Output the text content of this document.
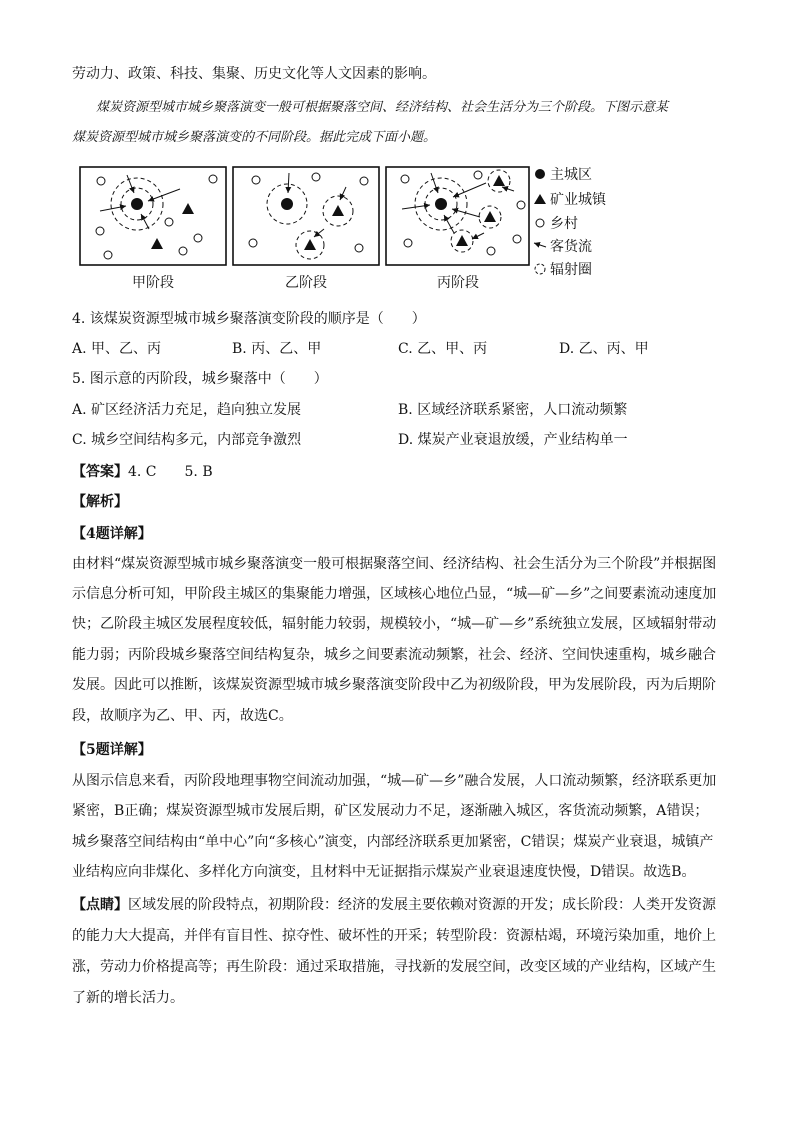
劳动力、政策、科技、集聚、历史文化等人文因素的影响。
煤炭资源型城市城乡聚落演变一般可根据聚落空间、经济结构、社会生活分为三个阶段。下图示意某
煤炭资源型城市城乡聚落演变的不同阶段。据此完成下面小题。
甲阶段	乙阶段	丙阶段
主城区
矿业城镇
乡村
客货流
辐射圈
4. 该煤炭资源型城市城乡聚落演变阶段的顺序是（　　）
A. 甲、乙、丙	B. 丙、乙、甲	C. 乙、甲、丙	D. 乙、丙、甲
5. 图示意的丙阶段，城乡聚落中（　　）
A. 矿区经济活力充足，趋向独立发展	B. 区域经济联系紧密，人口流动频繁
C. 城乡空间结构多元，内部竞争激烈	D. 煤炭产业衰退放缓，产业结构单一
【答案】4. C　　5. B
【解析】
【4题详解】
由材料“煤炭资源型城市城乡聚落演变一般可根据聚落空间、经济结构、社会生活分为三个阶段”并根据图
示信息分析可知，甲阶段主城区的集聚能力增强，区域核心地位凸显，“城—矿—乡”之间要素流动速度加
快；乙阶段主城区发展程度较低，辐射能力较弱，规模较小，“城—矿—乡”系统独立发展，区域辐射带动
能力弱；丙阶段城乡聚落空间结构复杂，城乡之间要素流动频繁，社会、经济、空间快速重构，城乡融合
发展。因此可以推断，该煤炭资源型城市城乡聚落演变阶段中乙为初级阶段，甲为发展阶段，丙为后期阶
段，故顺序为乙、甲、丙，故选C。
【5题详解】
从图示信息来看，丙阶段地理事物空间流动加强，“城—矿—乡”融合发展，人口流动频繁，经济联系更加
紧密，B正确；煤炭资源型城市发展后期，矿区发展动力不足，逐渐融入城区，客货流动频繁，A错误；
城乡聚落空间结构由“单中心”向“多核心”演变，内部经济联系更加紧密，C错误；煤炭产业衰退，城镇产
业结构应向非煤化、多样化方向演变，且材料中无证据指示煤炭产业衰退速度快慢，D错误。故选B。
【点睛】区域发展的阶段特点，初期阶段：经济的发展主要依赖对资源的开发；成长阶段：人类开发资源
的能力大大提高，并伴有盲目性、掠夺性、破坏性的开采；转型阶段：资源枯竭，环境污染加重，地价上
涨，劳动力价格提高等；再生阶段：通过采取措施，寻找新的发展空间，改变区域的产业结构，区域产生
了新的增长活力。
